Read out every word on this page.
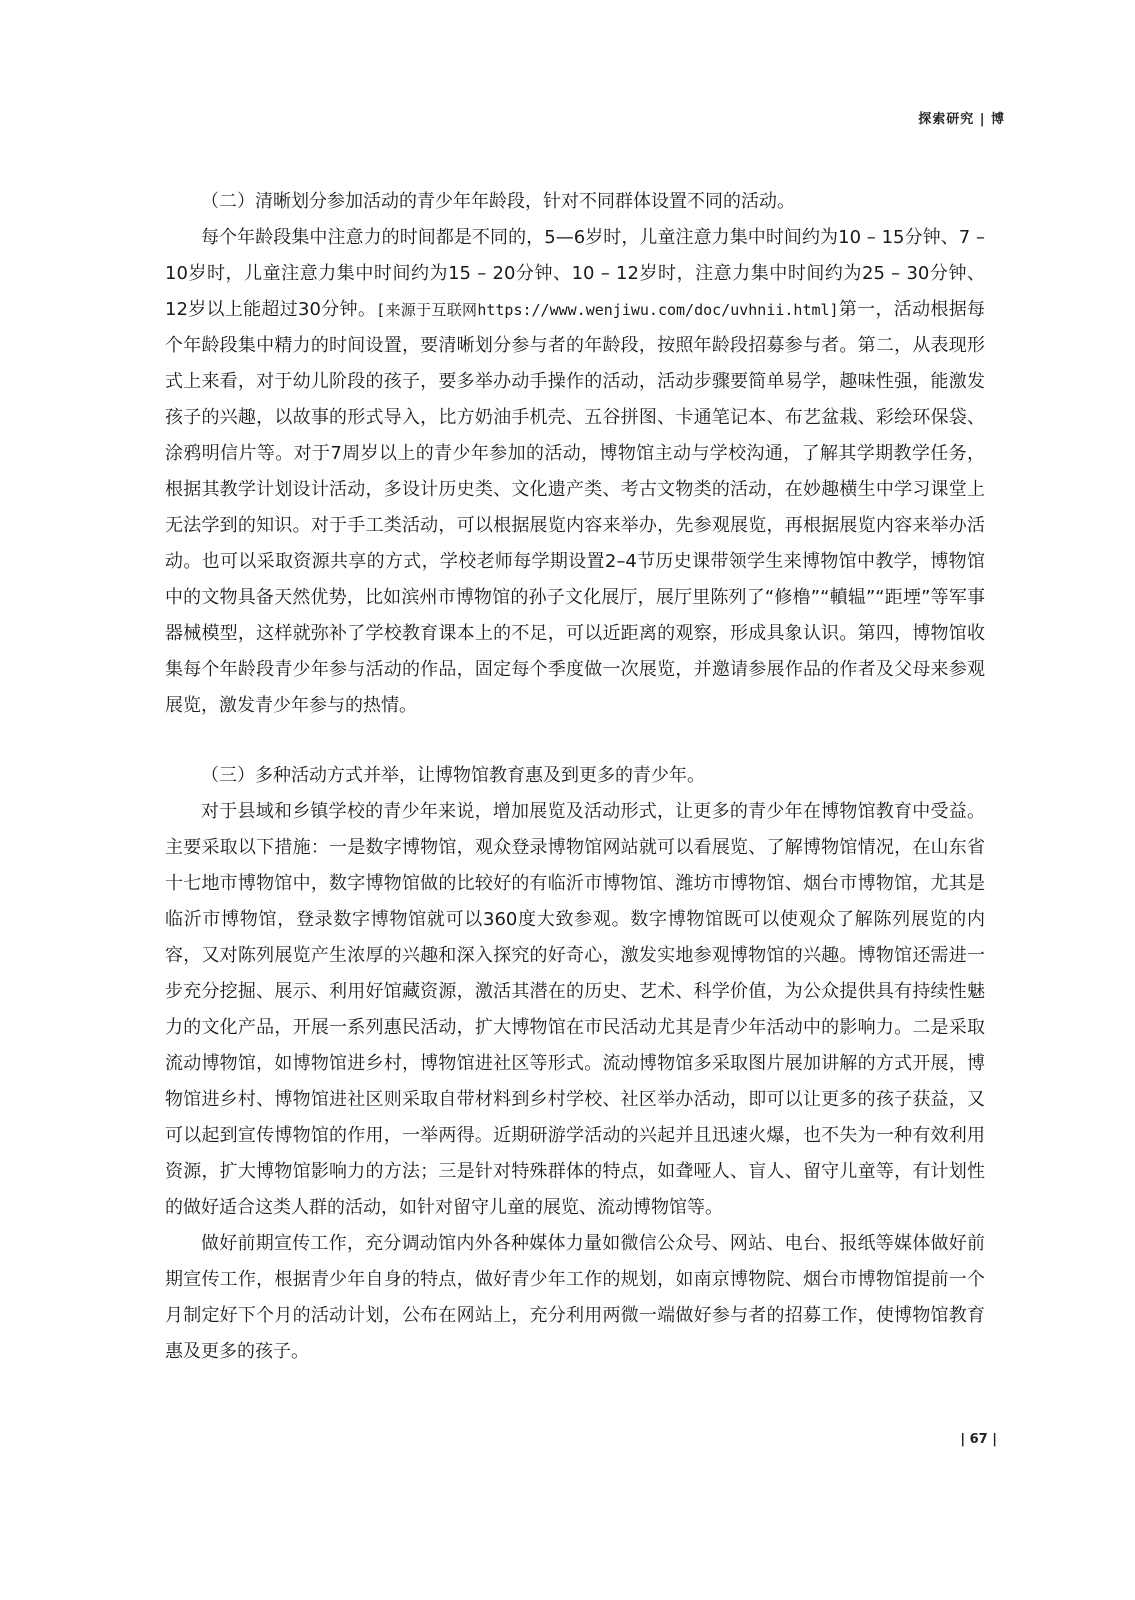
探索研究 | 博

（二）清晰划分参加活动的青少年年龄段，针对不同群体设置不同的活动。

每个年龄段集中注意力的时间都是不同的，5—6岁时，儿童注意力集中时间约为10 – 15分钟、7 – 10岁时，儿童注意力集中时间约为15 – 20分钟、10 – 12岁时，注意力集中时间约为25 – 30分钟、12岁以上能超过30分钟。[来源于互联网https://www.wenjiwu.com/doc/uvhnii.html]第一，活动根据每个年龄段集中精力的时间设置，要清晰划分参与者的年龄段，按照年龄段招募参与者。第二，从表现形式上来看，对于幼儿阶段的孩子，要多举办动手操作的活动，活动步骤要简单易学，趣味性强，能激发孩子的兴趣，以故事的形式导入，比方奶油手机壳、五谷拼图、卡通笔记本、布艺盆栽、彩绘环保袋、涂鸦明信片等。对于7周岁以上的青少年参加的活动，博物馆主动与学校沟通，了解其学期教学任务，根据其教学计划设计活动，多设计历史类、文化遗产类、考古文物类的活动，在妙趣横生中学习课堂上无法学到的知识。对于手工类活动，可以根据展览内容来举办，先参观展览，再根据展览内容来举办活动。也可以采取资源共享的方式，学校老师每学期设置2–4节历史课带领学生来博物馆中教学，博物馆中的文物具备天然优势，比如滨州市博物馆的孙子文化展厅，展厅里陈列了“修橹”“轒辒”“距堙”等军事器械模型，这样就弥补了学校教育课本上的不足，可以近距离的观察，形成具象认识。第四，博物馆收集每个年龄段青少年参与活动的作品，固定每个季度做一次展览，并邀请参展作品的作者及父母来参观展览，激发青少年参与的热情。

（三）多种活动方式并举，让博物馆教育惠及到更多的青少年。

对于县域和乡镇学校的青少年来说，增加展览及活动形式，让更多的青少年在博物馆教育中受益。主要采取以下措施：一是数字博物馆，观众登录博物馆网站就可以看展览、了解博物馆情况，在山东省十七地市博物馆中，数字博物馆做的比较好的有临沂市博物馆、潍坊市博物馆、烟台市博物馆，尤其是临沂市博物馆，登录数字博物馆就可以360度大致参观。数字博物馆既可以使观众了解陈列展览的内容，又对陈列展览产生浓厚的兴趣和深入探究的好奇心，激发实地参观博物馆的兴趣。博物馆还需进一步充分挖掘、展示、利用好馆藏资源，激活其潜在的历史、艺术、科学价值，为公众提供具有持续性魅力的文化产品，开展一系列惠民活动，扩大博物馆在市民活动尤其是青少年活动中的影响力。二是采取流动博物馆，如博物馆进乡村，博物馆进社区等形式。流动博物馆多采取图片展加讲解的方式开展，博物馆进乡村、博物馆进社区则采取自带材料到乡村学校、社区举办活动，即可以让更多的孩子获益，又可以起到宣传博物馆的作用，一举两得。近期研游学活动的兴起并且迅速火爆，也不失为一种有效利用资源，扩大博物馆影响力的方法；三是针对特殊群体的特点，如聋哑人、盲人、留守儿童等，有计划性的做好适合这类人群的活动，如针对留守儿童的展览、流动博物馆等。

做好前期宣传工作，充分调动馆内外各种媒体力量如微信公众号、网站、电台、报纸等媒体做好前期宣传工作，根据青少年自身的特点，做好青少年工作的规划，如南京博物院、烟台市博物馆提前一个月制定好下个月的活动计划，公布在网站上，充分利用两微一端做好参与者的招募工作，使博物馆教育惠及更多的孩子。

| 67 |
